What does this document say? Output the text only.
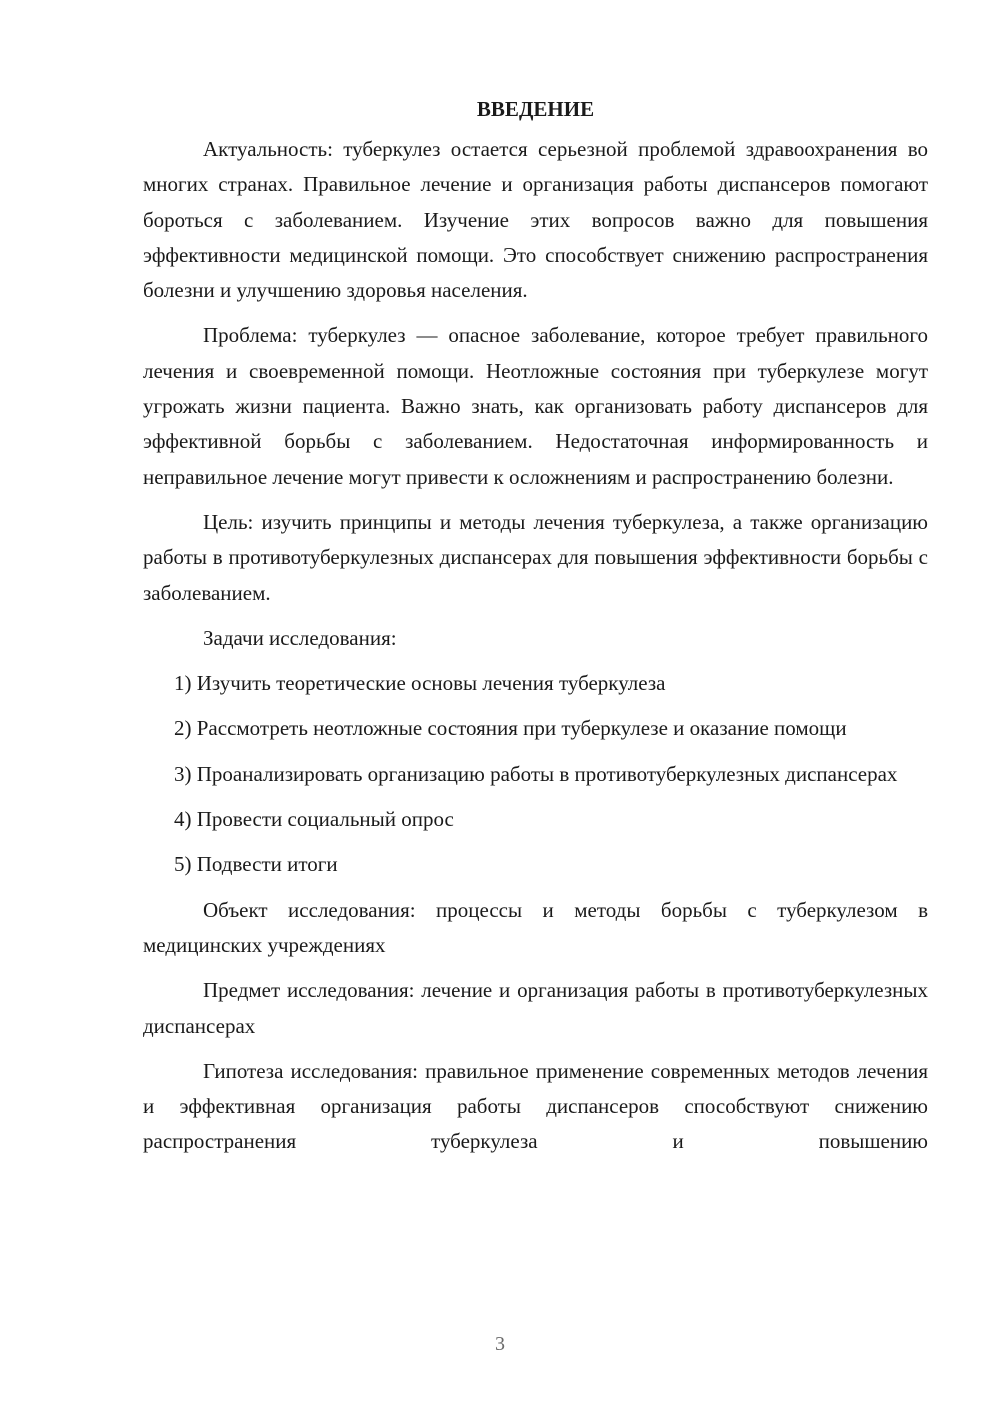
ВВЕДЕНИЕ

Актуальность: туберкулез остается серьезной проблемой здравоохранения во многих странах. Правильное лечение и организация работы диспансеров помогают бороться с заболеванием. Изучение этих вопросов важно для повышения эффективности медицинской помощи. Это способствует снижению распространения болезни и улучшению здоровья населения.

Проблема: туберкулез — опасное заболевание, которое требует правильного лечения и своевременной помощи. Неотложные состояния при туберкулезе могут угрожать жизни пациента. Важно знать, как организовать работу диспансеров для эффективной борьбы с заболеванием. Недостаточная информированность и неправильное лечение могут привести к осложнениям и распространению болезни.

Цель: изучить принципы и методы лечения туберкулеза, а также организацию работы в противотуберкулезных диспансерах для повышения эффективности борьбы с заболеванием.

Задачи исследования:

1) Изучить теоретические основы лечения туберкулеза

2) Рассмотреть неотложные состояния при туберкулезе и оказание помощи

3) Проанализировать организацию работы в противотуберкулезных диспансерах

4) Провести социальный опрос

5) Подвести итоги

Объект исследования: процессы и методы борьбы с туберкулезом в медицинских учреждениях

Предмет исследования: лечение и организация работы в противотуберкулезных диспансерах

Гипотеза исследования: правильное применение современных методов лечения и эффективная организация работы диспансеров способствуют снижению распространения туберкулеза и повышению

3
